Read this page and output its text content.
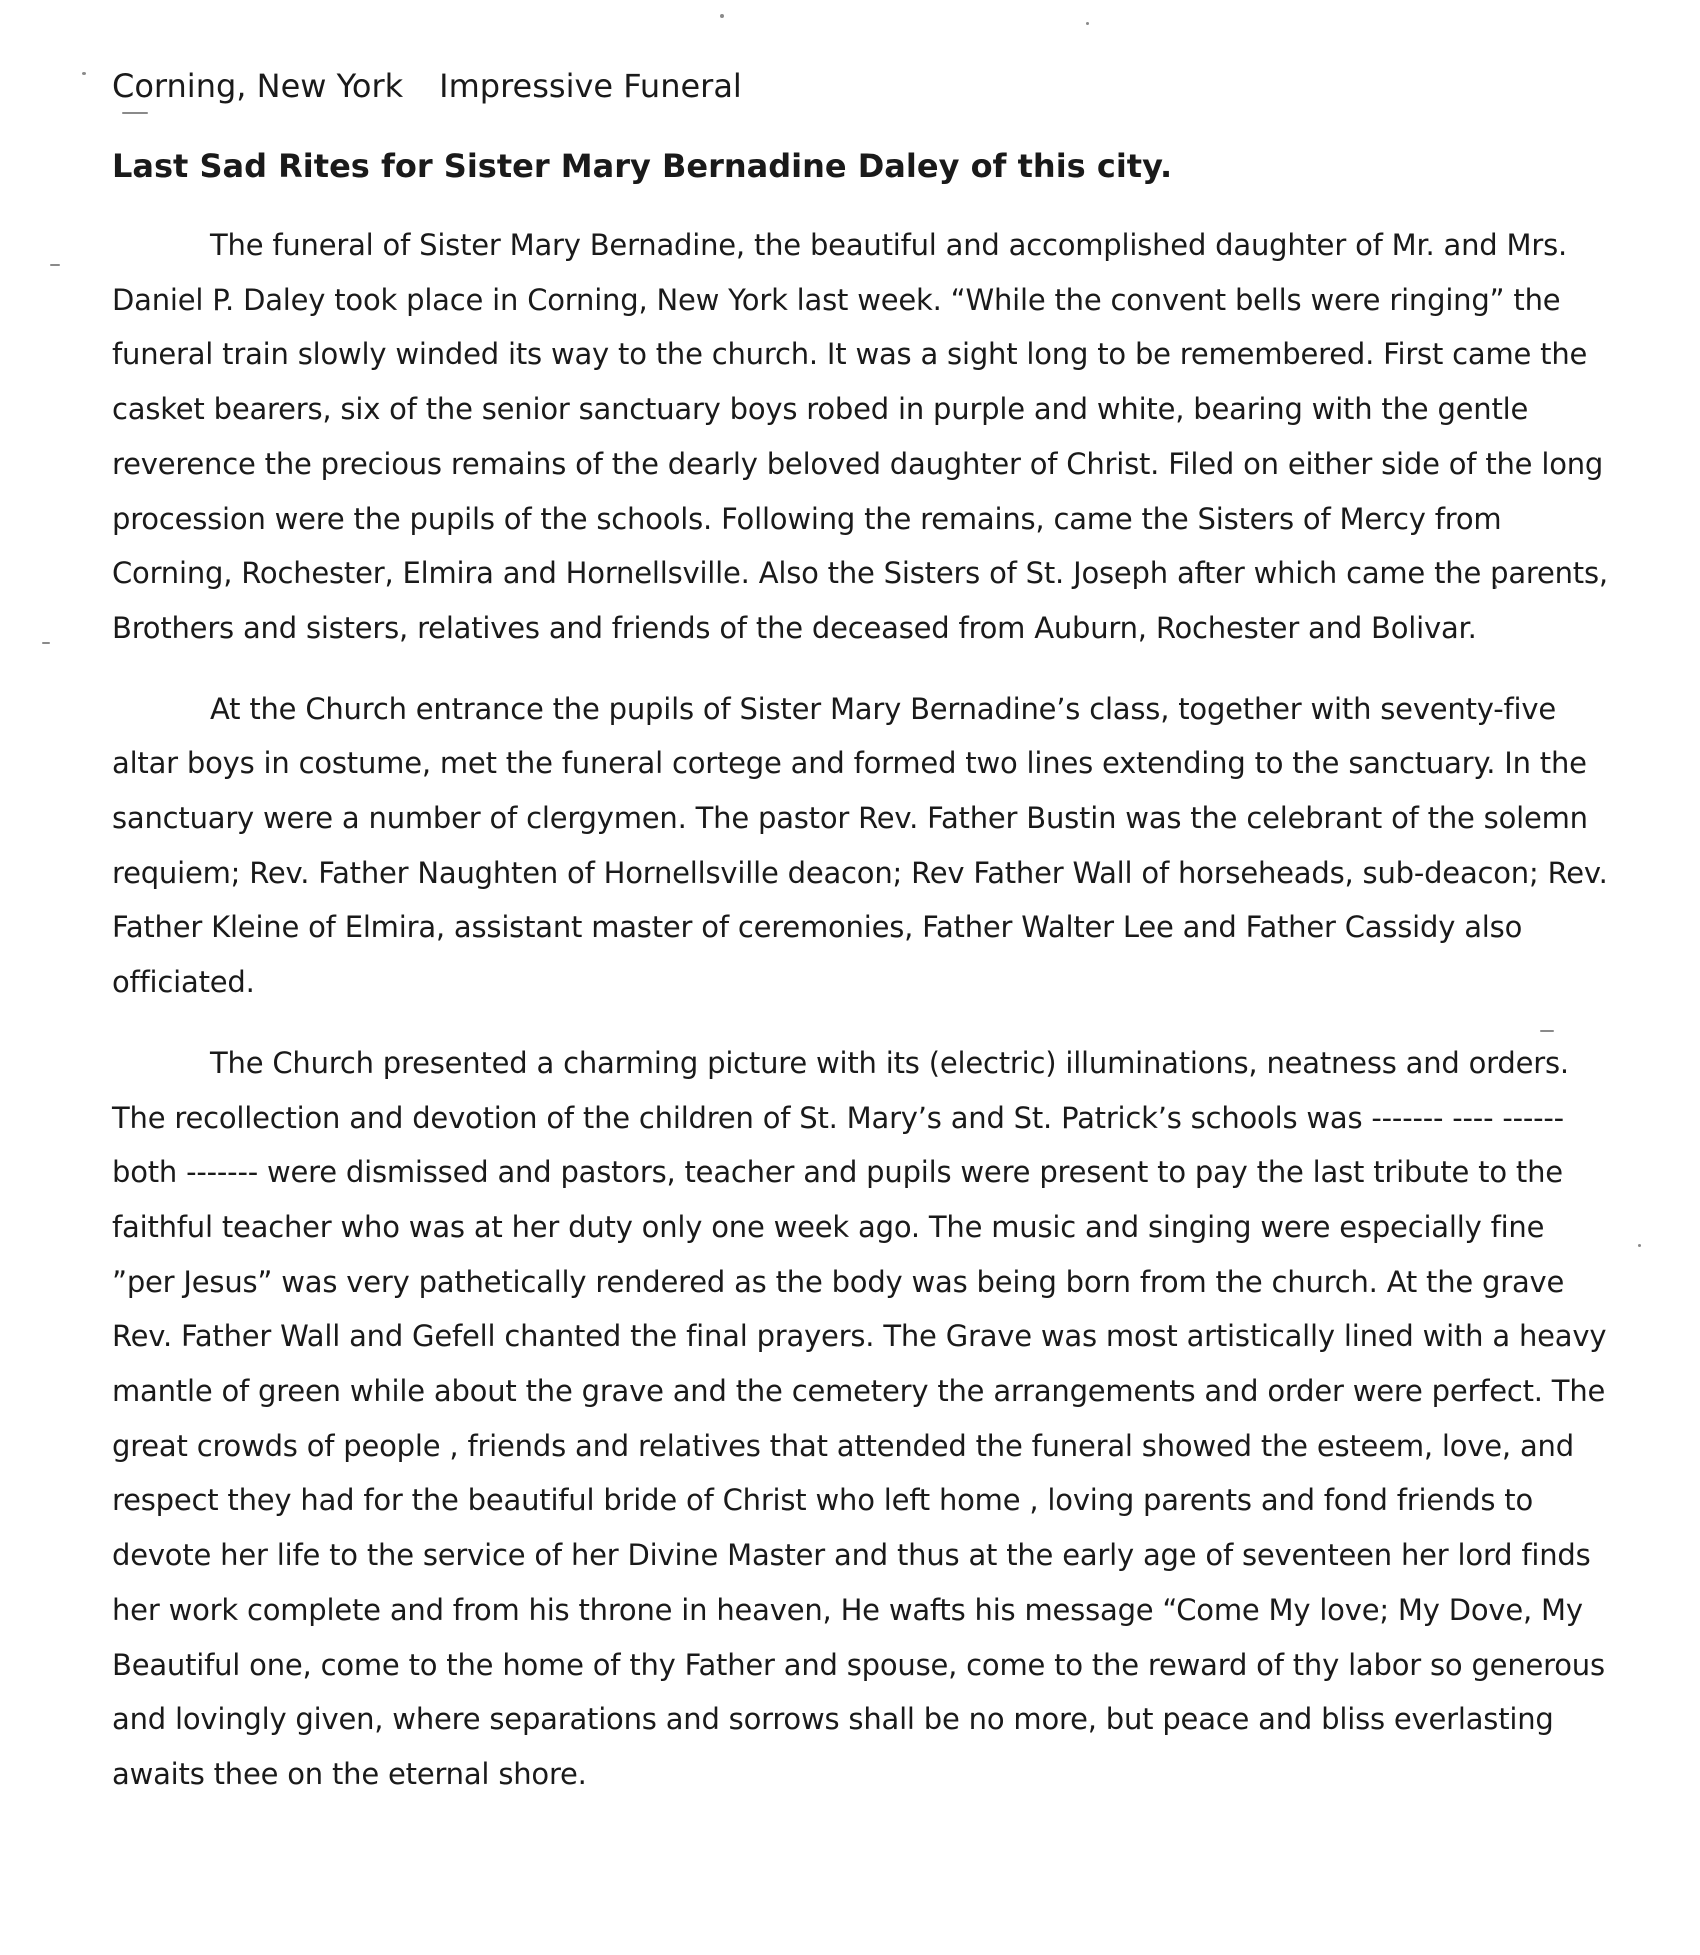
Corning, New York Impressive Funeral

Last Sad Rites for Sister Mary Bernadine Daley of this city.

The funeral of Sister Mary Bernadine, the beautiful and accomplished daughter of Mr. and Mrs. Daniel P. Daley took place in Corning, New York last week. “While the convent bells were ringing” the funeral train slowly winded its way to the church. It was a sight long to be remembered. First came the casket bearers, six of the senior sanctuary boys robed in purple and white, bearing with the gentle reverence the precious remains of the dearly beloved daughter of Christ. Filed on either side of the long procession were the pupils of the schools. Following the remains, came the Sisters of Mercy from Corning, Rochester, Elmira and Hornellsville. Also the Sisters of St. Joseph after which came the parents, Brothers and sisters, relatives and friends of the deceased from Auburn, Rochester and Bolivar.

At the Church entrance the pupils of Sister Mary Bernadine’s class, together with seventy-five altar boys in costume, met the funeral cortege and formed two lines extending to the sanctuary. In the sanctuary were a number of clergymen. The pastor Rev. Father Bustin was the celebrant of the solemn requiem; Rev. Father Naughten of Hornellsville deacon; Rev Father Wall of horseheads, sub-deacon; Rev. Father Kleine of Elmira, assistant master of ceremonies, Father Walter Lee and Father Cassidy also officiated.

The Church presented a charming picture with its (electric) illuminations, neatness and orders. The recollection and devotion of the children of St. Mary’s and St. Patrick’s schools was ------- ---- ------ both ------- were dismissed and pastors, teacher and pupils were present to pay the last tribute to the faithful teacher who was at her duty only one week ago. The music and singing were especially fine ”per Jesus” was very pathetically rendered as the body was being born from the church. At the grave Rev. Father Wall and Gefell chanted the final prayers. The Grave was most artistically lined with a heavy mantle of green while about the grave and the cemetery the arrangements and order were perfect. The great crowds of people , friends and relatives that attended the funeral showed the esteem, love, and respect they had for the beautiful bride of Christ who left home , loving parents and fond friends to devote her life to the service of her Divine Master and thus at the early age of seventeen her lord finds her work complete and from his throne in heaven, He wafts his message “Come My love; My Dove, My Beautiful one, come to the home of thy Father and spouse, come to the reward of thy labor so generous and lovingly given, where separations and sorrows shall be no more, but peace and bliss everlasting awaits thee on the eternal shore.
